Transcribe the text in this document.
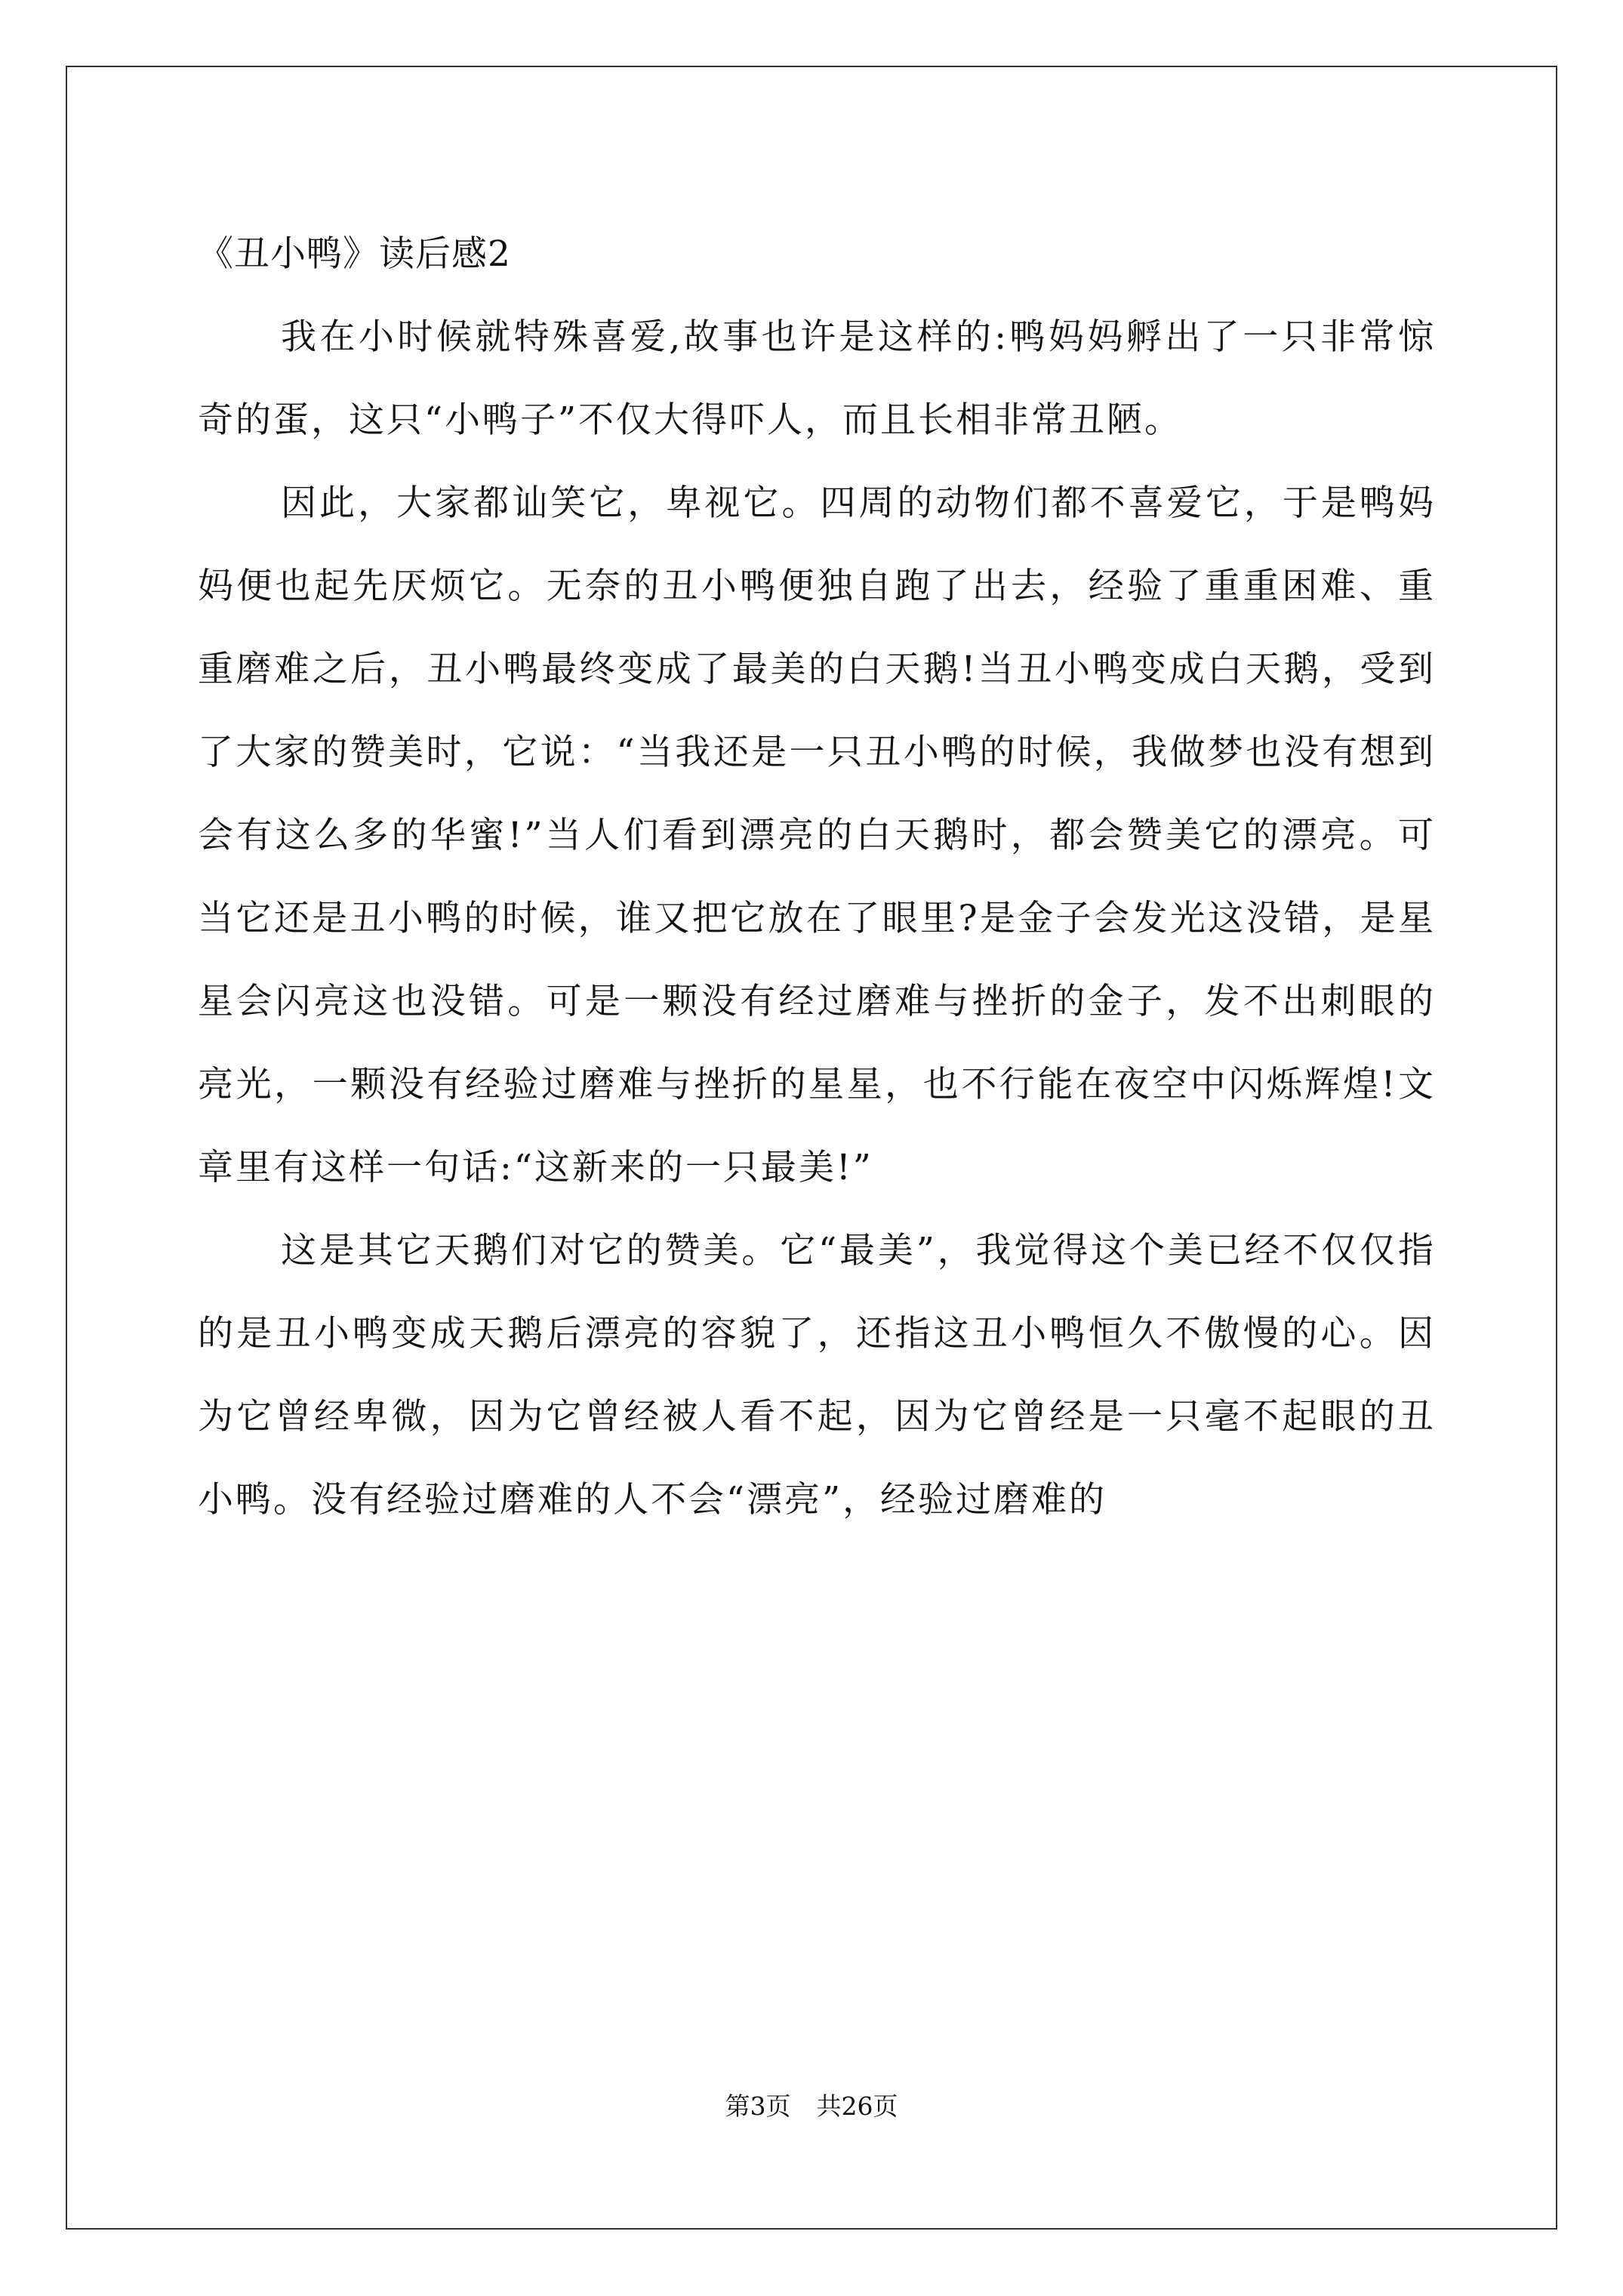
《丑小鸭》读后感2

我在小时候就特殊喜爱,故事也许是这样的:鸭妈妈孵出了一只非常惊奇的蛋，这只“小鸭子”不仅大得吓人，而且长相非常丑陋。

因此，大家都讪笑它，卑视它。四周的动物们都不喜爱它，于是鸭妈妈便也起先厌烦它。无奈的丑小鸭便独自跑了出去，经验了重重困难、重重磨难之后，丑小鸭最终变成了最美的白天鹅!当丑小鸭变成白天鹅，受到了大家的赞美时，它说：“当我还是一只丑小鸭的时候，我做梦也没有想到会有这么多的华蜜!”当人们看到漂亮的白天鹅时，都会赞美它的漂亮。可当它还是丑小鸭的时候，谁又把它放在了眼里?是金子会发光这没错，是星星会闪亮这也没错。可是一颗没有经过磨难与挫折的金子，发不出刺眼的亮光，一颗没有经验过磨难与挫折的星星，也不行能在夜空中闪烁辉煌!文章里有这样一句话:“这新来的一只最美!”

这是其它天鹅们对它的赞美。它“最美”，我觉得这个美已经不仅仅指的是丑小鸭变成天鹅后漂亮的容貌了，还指这丑小鸭恒久不傲慢的心。因为它曾经卑微，因为它曾经被人看不起，因为它曾经是一只毫不起眼的丑小鸭。没有经验过磨难的人不会“漂亮”，经验过磨难的

第3页 共26页
